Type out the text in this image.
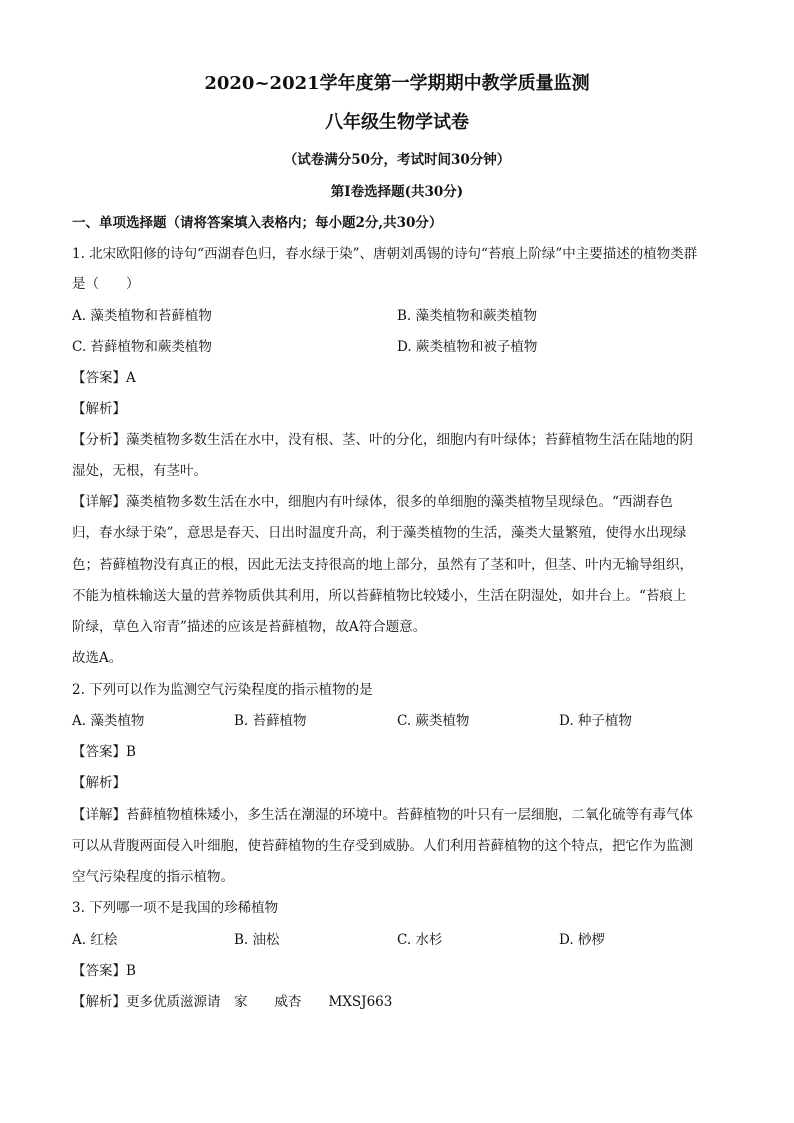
2020~2021学年度第一学期期中教学质量监测
八年级生物学试卷
（试卷满分50分，考试时间30分钟）
第Ⅰ卷选择题(共30分)
一、单项选择题（请将答案填入表格内；每小题2分,共30分）
1. 北宋欧阳修的诗句“西湖春色归，春水绿于染”、唐朝刘禹锡的诗句“苔痕上阶绿”中主要描述的植物类群
是（　　）
A. 藻类植物和苔藓植物	B. 藻类植物和蕨类植物
C. 苔藓植物和蕨类植物	D. 蕨类植物和被子植物
【答案】A
【解析】
【分析】藻类植物多数生活在水中，没有根、茎、叶的分化，细胞内有叶绿体；苔藓植物生活在陆地的阴
湿处，无根，有茎叶。
【详解】藻类植物多数生活在水中，细胞内有叶绿体，很多的单细胞的藻类植物呈现绿色。“西湖春色
归，春水绿于染”，意思是春天、日出时温度升高，利于藻类植物的生活，藻类大量繁殖，使得水出现绿
色；苔藓植物没有真正的根，因此无法支持很高的地上部分，虽然有了茎和叶，但茎、叶内无输导组织，
不能为植株输送大量的营养物质供其利用，所以苔藓植物比较矮小，生活在阴湿处，如井台上。“苔痕上
阶绿，草色入帘青”描述的应该是苔藓植物，故A符合题意。
故选A。
2. 下列可以作为监测空气污染程度的指示植物的是
A. 藻类植物	B. 苔藓植物	C. 蕨类植物	D. 种子植物
【答案】B
【解析】
【详解】苔藓植物植株矮小，多生活在潮湿的环境中。苔藓植物的叶只有一层细胞，二氧化硫等有毒气体
可以从背腹两面侵入叶细胞，使苔藓植物的生存受到威胁。人们利用苔藓植物的这个特点，把它作为监测
空气污染程度的指示植物。
3. 下列哪一项不是我国的珍稀植物
A. 红桧	B. 油松	C. 水杉	D. 桫椤
【答案】B
【解析】更多优质滋源请　家　　威杏　　MXSJ663
